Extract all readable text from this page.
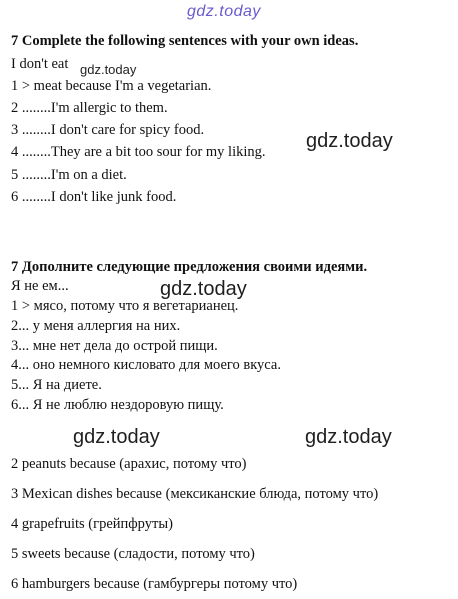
gdz.today
gdz.today
gdz.today
gdz.today
gdz.today	gdz.today
7 Complete the following sentences with your own ideas.
I don't eat
1 > meat because I'm a vegetarian.
2 ........I'm allergic to them.
3 ........I don't care for spicy food.
4 ........They are a bit too sour for my liking.
5 ........I'm on a diet.
6 ........I don't like junk food.
7 Дополните следующие предложения своими идеями.
Я не ем...
1 > мясо, потому что я вегетарианец.
2... у меня аллергия на них.
3... мне нет дела до острой пищи.
4... оно немного кисловато для моего вкуса.
5... Я на диете.
6... Я не люблю нездоровую пищу.
2 peanuts because (арахис, потому что)
3 Mexican dishes because (мексиканские блюда, потому что)
4 grapefruits (грейпфруты)
5 sweets because (сладости, потому что)
6 hamburgers because (гамбургеры потому что)
